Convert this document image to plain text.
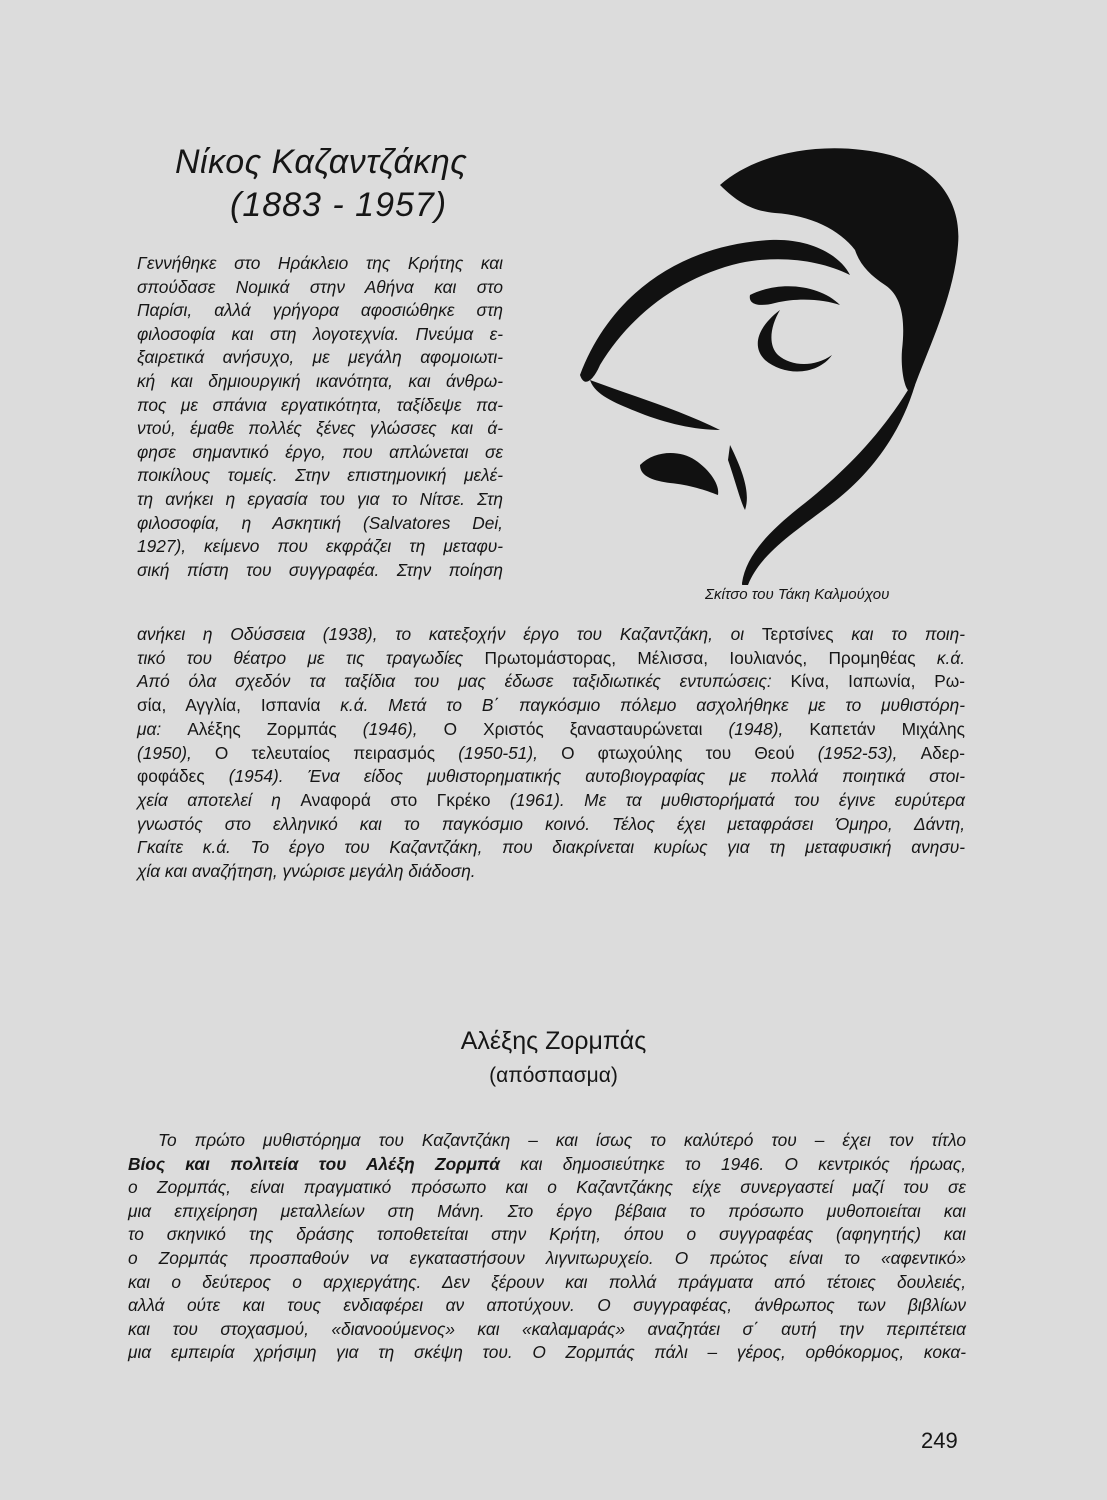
Νίκος Καζαντζάκης
(1883 - 1957)
Γεννήθηκε στο Ηράκλειο της Κρήτης και
σπούδασε Νομικά στην Αθήνα και στο
Παρίσι, αλλά γρήγορα αφοσιώθηκε στη
φιλοσοφία και στη λογοτεχνία. Πνεύμα ε-
ξαιρετικά ανήσυχο, με μεγάλη αφομοιωτι-
κή και δημιουργική ικανότητα, και άνθρω-
πος με σπάνια εργατικότητα, ταξίδεψε πα-
ντού, έμαθε πολλές ξένες γλώσσες και ά-
φησε σημαντικό έργο, που απλώνεται σε
ποικίλους τομείς. Στην επιστημονική μελέ-
τη ανήκει η εργασία του για το Νίτσε. Στη
φιλοσοφία, η Ασκητική (Salvatores Dei,
1927), κείμενο που εκφράζει τη μεταφυ-
σική πίστη του συγγραφέα. Στην ποίηση
Σκίτσο του Τάκη Καλμούχου
ανήκει η Οδύσσεια (1938), το κατεξοχήν έργο του Καζαντζάκη, οι Τερτσίνες και το ποιη-
τικό του θέατρο με τις τραγωδίες Πρωτομάστορας, Μέλισσα, Ιουλιανός, Προμηθέας κ.ά.
Από όλα σχεδόν τα ταξίδια του μας έδωσε ταξιδιωτικές εντυπώσεις: Κίνα, Ιαπωνία, Ρω-
σία, Αγγλία, Ισπανία κ.ά. Μετά το Β΄ παγκόσμιο πόλεμο ασχολήθηκε με το μυθιστόρη-
μα: Αλέξης Ζορμπάς (1946), Ο Χριστός ξανασταυρώνεται (1948), Καπετάν Μιχάλης
(1950), Ο τελευταίος πειρασμός (1950-51), Ο φτωχούλης του Θεού (1952-53), Αδερ-
φοφάδες (1954). Ένα είδος μυθιστορηματικής αυτοβιογραφίας με πολλά ποιητικά στοι-
χεία αποτελεί η Αναφορά στο Γκρέκο (1961). Με τα μυθιστορήματά του έγινε ευρύτερα
γνωστός στο ελληνικό και το παγκόσμιο κοινό. Τέλος έχει μεταφράσει Όμηρο, Δάντη,
Γκαίτε κ.ά. Το έργο του Καζαντζάκη, που διακρίνεται κυρίως για τη μεταφυσική ανησυ-
χία και αναζήτηση, γνώρισε μεγάλη διάδοση.
Αλέξης Ζορμπάς
(απόσπασμα)
Το πρώτο μυθιστόρημα του Καζαντζάκη – και ίσως το καλύτερό του – έχει τον τίτλο
Βίος και πολιτεία του Αλέξη Ζορμπά και δημοσιεύτηκε το 1946. Ο κεντρικός ήρωας,
ο Ζορμπάς, είναι πραγματικό πρόσωπο και ο Καζαντζάκης είχε συνεργαστεί μαζί του σε
μια επιχείρηση μεταλλείων στη Μάνη. Στο έργο βέβαια το πρόσωπο μυθοποιείται και
το σκηνικό της δράσης τοποθετείται στην Κρήτη, όπου ο συγγραφέας (αφηγητής) και
ο Ζορμπάς προσπαθούν να εγκαταστήσουν λιγνιτωρυχείο. Ο πρώτος είναι το «αφεντικό»
και ο δεύτερος ο αρχιεργάτης. Δεν ξέρουν και πολλά πράγματα από τέτοιες δουλειές,
αλλά ούτε και τους ενδιαφέρει αν αποτύχουν. Ο συγγραφέας, άνθρωπος των βιβλίων
και του στοχασμού, «διανοούμενος» και «καλαμαράς» αναζητάει σ΄ αυτή την περιπέτεια
μια εμπειρία χρήσιμη για τη σκέψη του. Ο Ζορμπάς πάλι – γέρος, ορθόκορμος, κοκα-
249
